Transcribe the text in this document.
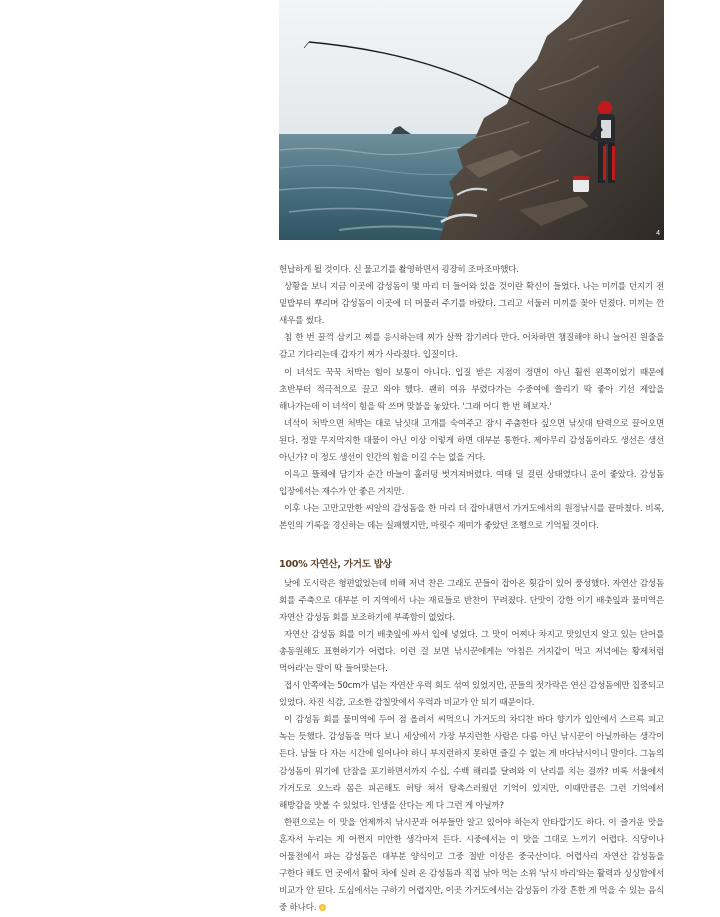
4

헌납하게 될 것이다. 신 물고기를 촬영하면서 굉장히 조마조마했다.

상황을 보니 지금 이곳에 감성돔이 몇 마리 더 들어와 있을 것이란 확신이 들었다. 나는 미끼를 던지기 전 밑밥부터 뿌리며 감성돔이 이곳에 더 머물러 주기를 바랐다. 그리고 서둘러 미끼를 꽂아 던졌다. 미끼는 깐 새우를 썼다.

침 한 번 꿀꺽 삼키고 찌를 응시하는데 찌가 살짝 잠기려다 만다. 어차하면 챔질해야 하니 늘어진 원줄을 감고 기다리는데 갑자기 찌가 사라졌다. 입질이다.

이 녀석도 꾹꾹 처박는 힘이 보통이 아니다. 입질 받은 지점이 정면이 아닌 훨씬 왼쪽이었기 때문에 초반부터 적극적으로 끌고 와야 했다. 괜히 여유 부렸다가는 수중여에 쓸리기 딱 좋아 기선 제압을 해나가는데 이 녀석이 힘을 딱 쓰며 맞불을 놓았다. '그래 어디 한 번 해보자.'

녀석이 처박으면 처박는 대로 낚싯대 고개를 숙여주고 잠시 주춤한다 싶으면 낚싯대 탄력으로 끌어오면 된다. 정말 무지막지한 대물이 아닌 이상 이렇게 하면 대부분 통한다. 제아무리 감성돔이라도 생선은 생선 아닌가? 이 정도 생선이 인간의 힘을 이길 수는 없을 거다.

이윽고 뜰채에 담기자 순간 바늘이 훌러덩 벗겨져버렸다. 여태 덜 걸린 상태였다니 운이 좋았다. 감성돔 입장에서는 재수가 안 좋은 거지만.

이후 나는 고만고만한 씨알의 감성돔을 한 마리 더 잡아내면서 가거도에서의 원정낚시를 끝마쳤다. 비록, 본인의 기록을 경신하는 데는 실패했지만, 마릿수 재미가 좋았던 조행으로 기억될 것이다.

100% 자연산, 가거도 밥상

낮에 도시락은 형편없었는데 비해 저녁 찬은 그래도 꾼들이 잡아온 횟감이 있어 풍성했다. 자연산 감성돔 회를 주축으로 대부분 이 지역에서 나는 재료들로 반찬이 꾸려졌다. 단맛이 강한 이기 배춧잎과 물미역은 자연산 감성돔 회를 보조하기에 부족함이 없었다.

자연산 감성돔 회를 이기 배춧잎에 싸서 입에 넣었다. 그 맛이 어찌나 차지고 맛있던지 알고 있는 단어를 총동원해도 표현하기가 어렵다. 이런 걸 보면 낚시꾼에게는 '아침은 거지같이 먹고 저녁에는 황제처럼 먹어라'는 말이 딱 들어맞는다.

접시 안쪽에는 50cm가 넘는 자연산 우럭 회도 섞여 있었지만, 꾼들의 젓가락은 연신 감성돔에만 집중되고 있었다. 차진 식감, 고소한 감칠맛에서 우럭과 비교가 안 되기 때문이다.

이 감성돔 회를 물미역에 두어 점 올려서 씨먹으니 가거도의 차디찬 바다 향기가 입안에서 스르륵 피고 녹는 듯했다. 감성돔을 먹다 보니 세상에서 가장 부지런한 사람은 다름 아닌 낚시꾼이 아닐까하는 생각이 든다. 남들 다 자는 시간에 일어나야 하니 부지런하지 못하면 즐길 수 없는 게 바다낚시이니 말이다. 그놈의 감성돔이 뭐기에 단잠을 포기하면서까지 수십, 수백 해리를 달려와 이 난리를 치는 걸까? 비록 서울에서 가거도로 오느라 몸은 피곤해도 허탕 쳐서 탕촉스러웠던 기억이 있지만, 이때만큼은 그런 기억에서 해방감을 맛볼 수 있었다. 인생을 산다는 게 다 그런 게 아닐까?

한편으로는 이 맛을 언제까지 낚시꾼과 어부들만 알고 있어야 하는지 안타깝기도 하다. 이 즐거운 맛을 혼자서 누리는 게 어쩐지 미안한 생각마저 든다. 시중에서는 이 맛을 그대로 느끼기 어렵다. 식당이나 어물전에서 파는 감성돔은 대부분 양식이고 그중 절반 이상은 중국산이다. 어렵사리 자연산 감성돔을 구한다 해도 먼 곳에서 활어 차에 실려 온 감성돔과 직접 낚아 먹는 소위 '낚시 바리'와는 활력과 싱싱함에서 비교가 안 된다. 도심에서는 구하기 어렵지만, 이곳 가거도에서는 감성돔이 가장 흔한 게 먹을 수 있는 음식 중 하나다.
